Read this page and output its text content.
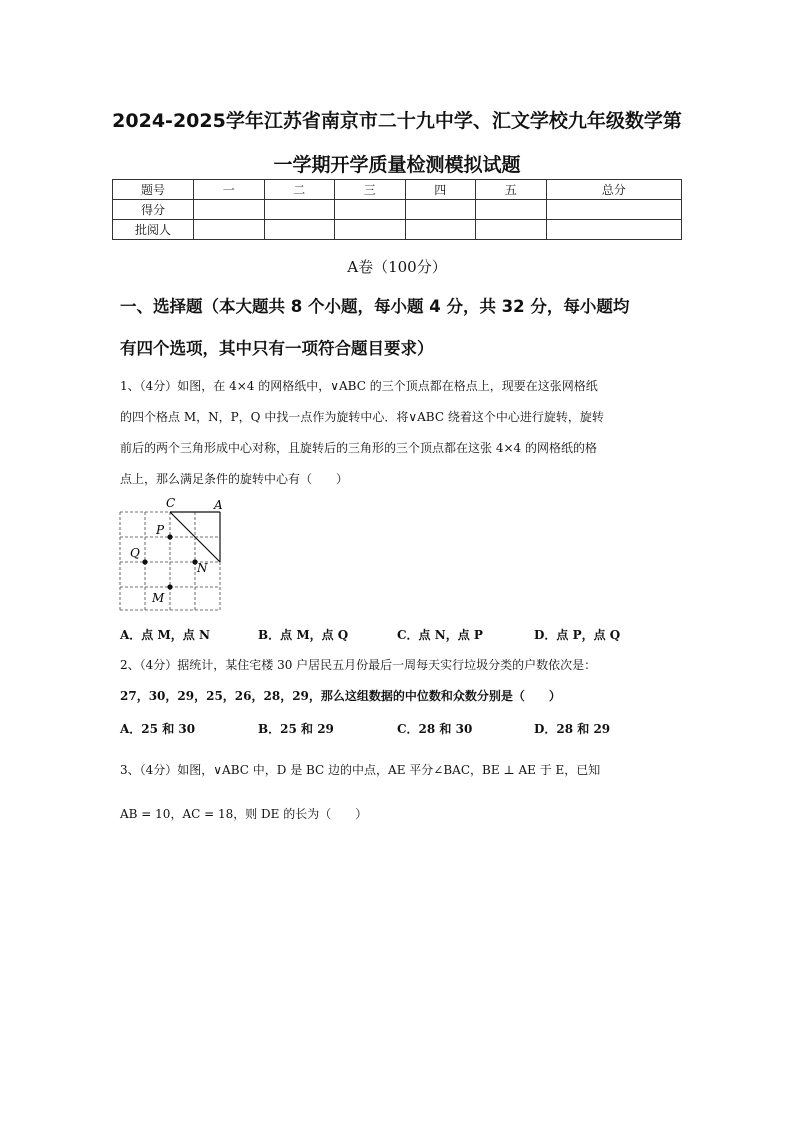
2024-2025学年江苏省南京市二十九中学、汇文学校九年级数学第
一学期开学质量检测模拟试题
题号	一	二	三	四	五	总分
得分						
批阅人						
A卷（100分）
一、选择题（本大题共 8 个小题，每小题 4 分，共 32 分，每小题均
有四个选项，其中只有一项符合题目要求）
1、（4分）如图，在 4×4 的网格纸中，∨ABC 的三个顶点都在格点上，现要在这张网格纸
的四个格点 M，N，P，Q 中找一点作为旋转中心．将∨ABC 绕着这个中心进行旋转，旋转
前后的两个三角形成中心对称，且旋转后的三角形的三个顶点都在这张 4×4 的网格纸的格
点上，那么满足条件的旋转中心有（　　）
C	A
P
Q
N
M
A．点 M，点 N	B．点 M，点 Q	C．点 N，点 P	D．点 P，点 Q
2、（4分）据统计，某住宅楼 30 户居民五月份最后一周每天实行垃圾分类的户数依次是：
27，30，29，25，26，28，29，那么这组数据的中位数和众数分别是（　　）
A．25 和 30	B．25 和 29	C．28 和 30	D．28 和 29
3、（4分）如图，∨ABC 中，D 是 BC 边的中点，AE 平分∠BAC，BE ⊥ AE 于 E，已知
AB = 10，AC = 18，则 DE 的长为（　　）
